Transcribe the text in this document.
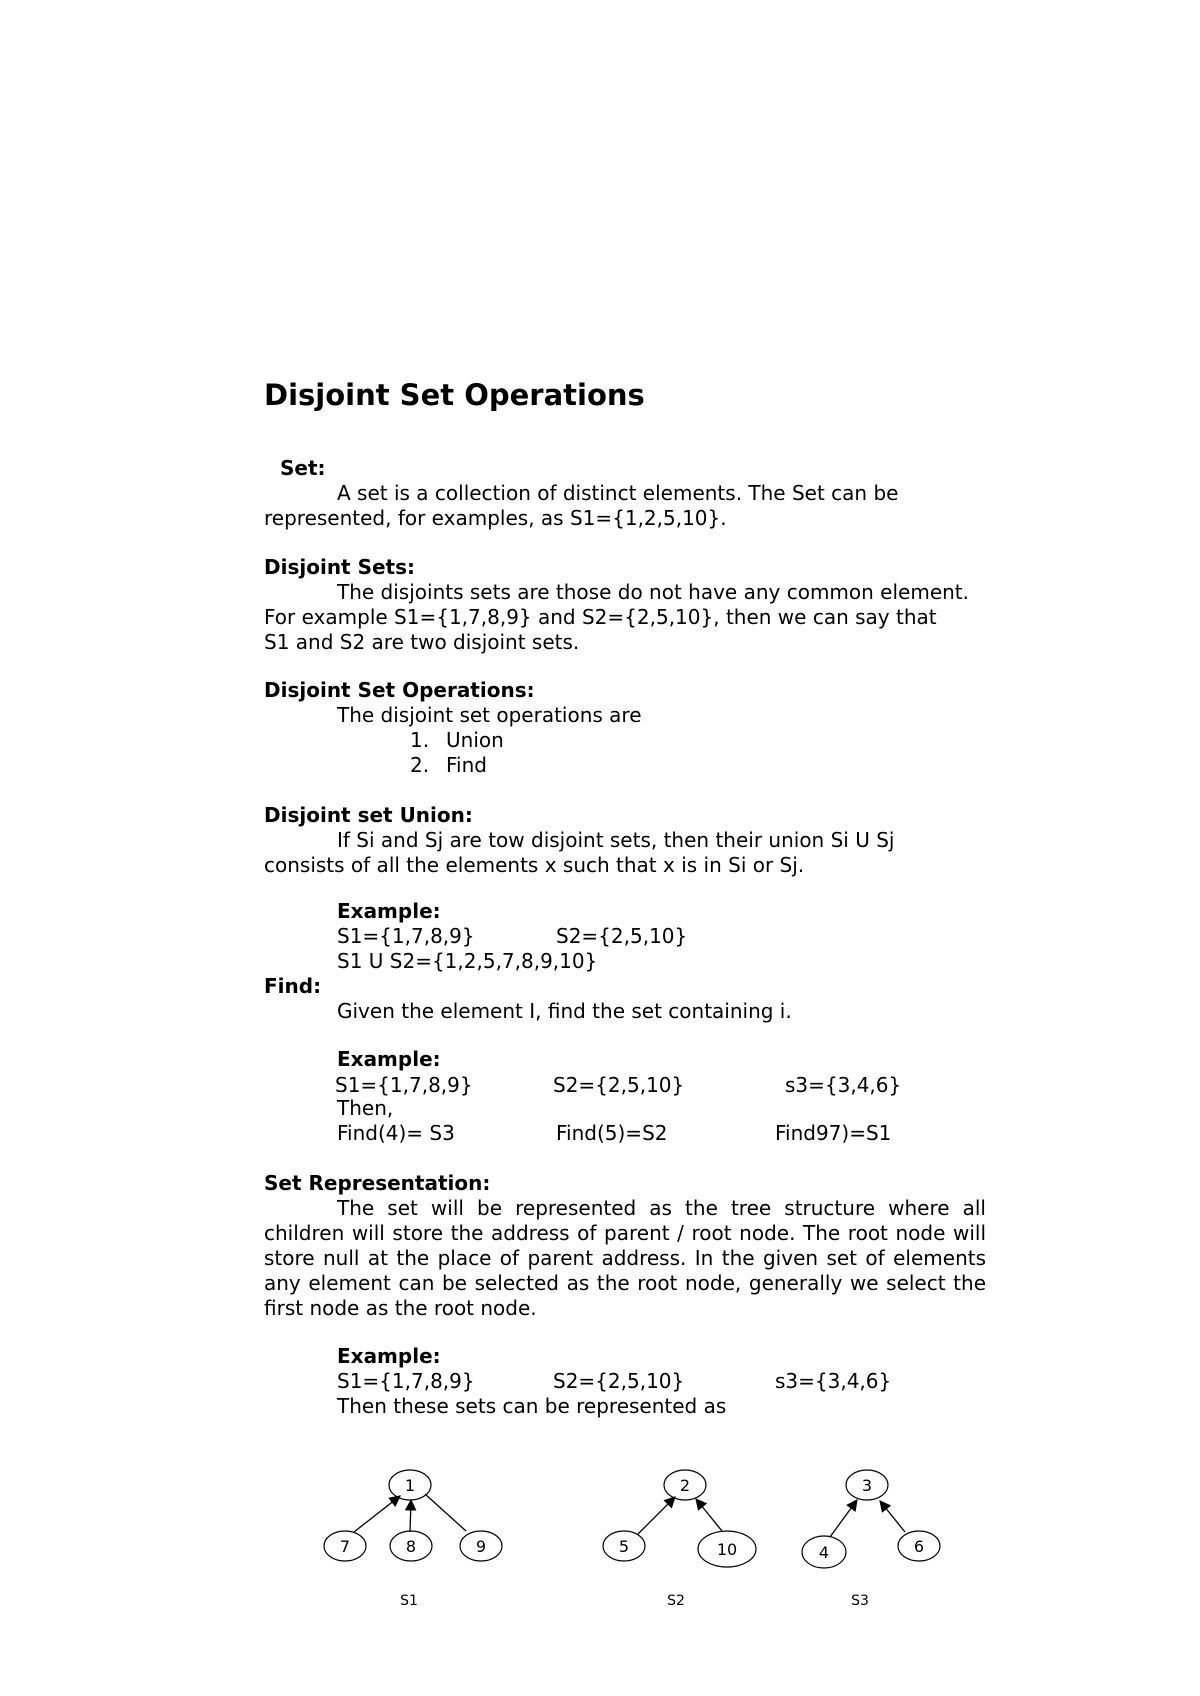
Disjoint Set Operations
Set:
A set is a collection of distinct elements. The Set can be
represented, for examples, as S1={1,2,5,10}.
Disjoint Sets:
The disjoints sets are those do not have any common element.
For example S1={1,7,8,9} and S2={2,5,10}, then we can say that
S1 and S2 are two disjoint sets.
Disjoint Set Operations:
The disjoint set operations are
1. Union
2. Find
Disjoint set Union:
If Si and Sj are tow disjoint sets, then their union Si U Sj
consists of all the elements x such that x is in Si or Sj.
Example:
S1={1,7,8,9}	S2={2,5,10}
S1 U S2={1,2,5,7,8,9,10}
Find:
Given the element I, find the set containing i.
Example:
S1={1,7,8,9}	S2={2,5,10}	s3={3,4,6}
Then,
Find(4)= S3	Find(5)=S2	Find97)=S1
Set Representation:
The set will be represented as the tree structure where all children will store the address of parent / root node. The root node will store null at the place of parent address. In the given set of elements any element can be selected as the root node, generally we select the first node as the root node.
Example:
S1={1,7,8,9}	S2={2,5,10}	s3={3,4,6}
Then these sets can be represented as
1
7	8	9
S1
2
5	10
S2
3
4	6
S3
